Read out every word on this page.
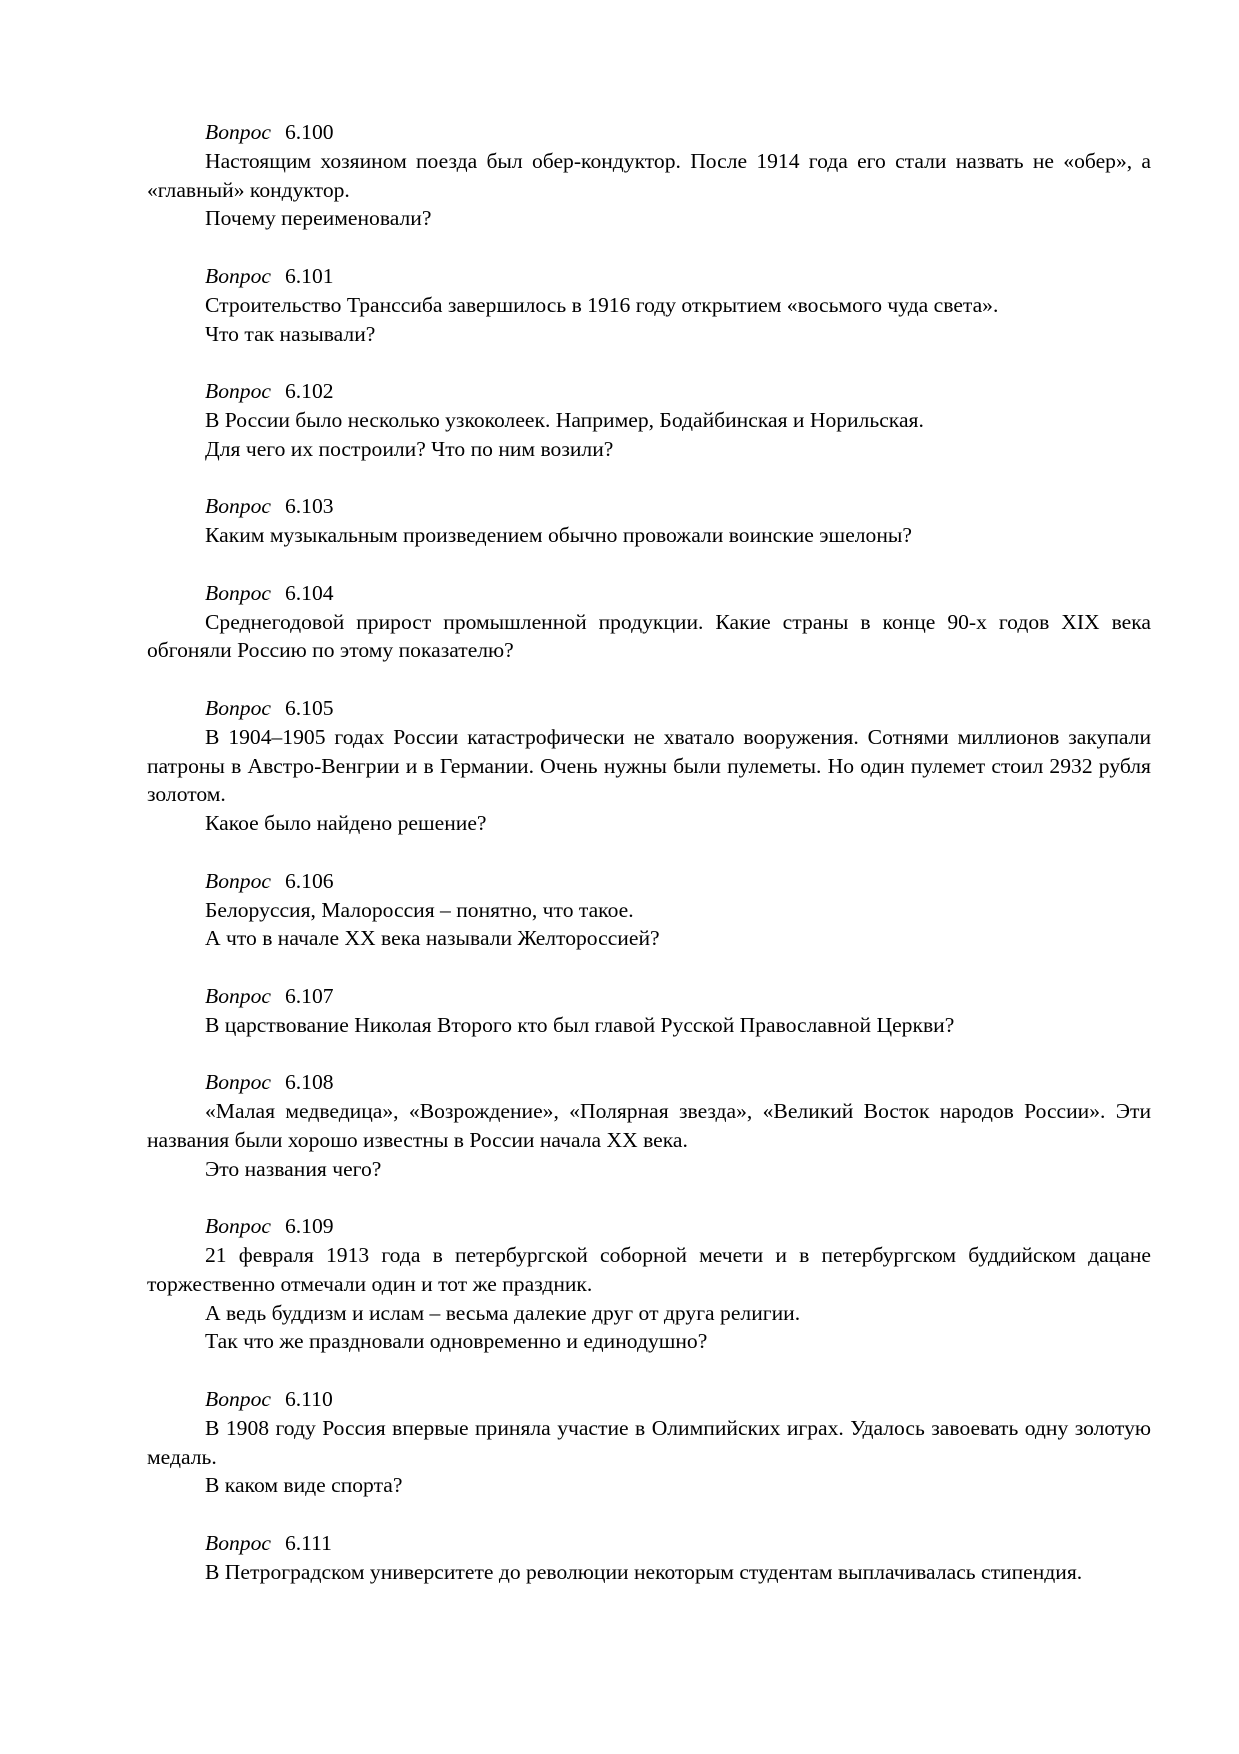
Вопрос 6.100

Настоящим хозяином поезда был обер-кондуктор. После 1914 года его стали назвать не «обер», а «главный» кондуктор.

Почему переименовали?

Вопрос 6.101

Строительство Транссиба завершилось в 1916 году открытием «восьмого чуда света».

Что так называли?

Вопрос 6.102

В России было несколько узкоколеек. Например, Бодайбинская и Норильская.

Для чего их построили? Что по ним возили?

Вопрос 6.103

Каким музыкальным произведением обычно провожали воинские эшелоны?

Вопрос 6.104

Среднегодовой прирост промышленной продукции. Какие страны в конце 90-х годов XIX века обгоняли Россию по этому показателю?

Вопрос 6.105

В 1904–1905 годах России катастрофически не хватало вооружения. Сотнями миллионов закупали патроны в Австро-Венгрии и в Германии. Очень нужны были пулеметы. Но один пулемет стоил 2932 рубля золотом.

Какое было найдено решение?

Вопрос 6.106

Белоруссия, Малороссия – понятно, что такое.

А что в начале XX века называли Желтороссией?

Вопрос 6.107

В царствование Николая Второго кто был главой Русской Православной Церкви?

Вопрос 6.108

«Малая медведица», «Возрождение», «Полярная звезда», «Великий Восток народов России». Эти названия были хорошо известны в России начала XX века.

Это названия чего?

Вопрос 6.109

21 февраля 1913 года в петербургской соборной мечети и в петербургском буддийском дацане торжественно отмечали один и тот же праздник.

А ведь буддизм и ислам – весьма далекие друг от друга религии.

Так что же праздновали одновременно и единодушно?

Вопрос 6.110

В 1908 году Россия впервые приняла участие в Олимпийских играх. Удалось завоевать одну золотую медаль.

В каком виде спорта?

Вопрос 6.111

В Петроградском университете до революции некоторым студентам выплачивалась стипендия.
